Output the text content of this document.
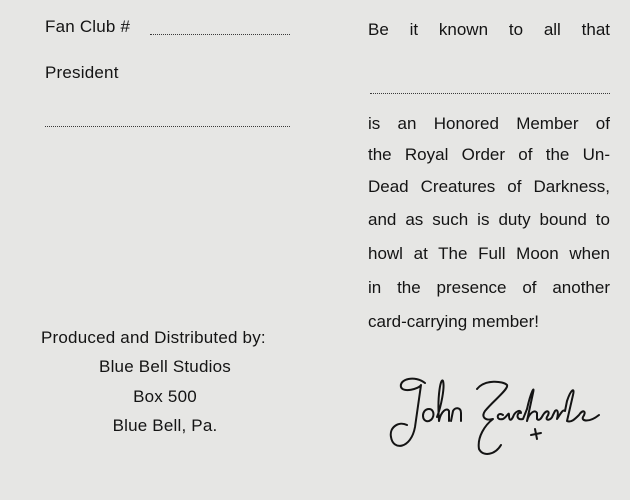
Fan Club #
President
Produced and Distributed by:
Blue Bell Studios
Box 500
Blue Bell, Pa.
Be it known to all that
is an Honored Member of
the Royal Order of the Un-
Dead Creatures of Darkness,
and as such is duty bound to
howl at The Full Moon when
in the presence of another
card-carrying member!
